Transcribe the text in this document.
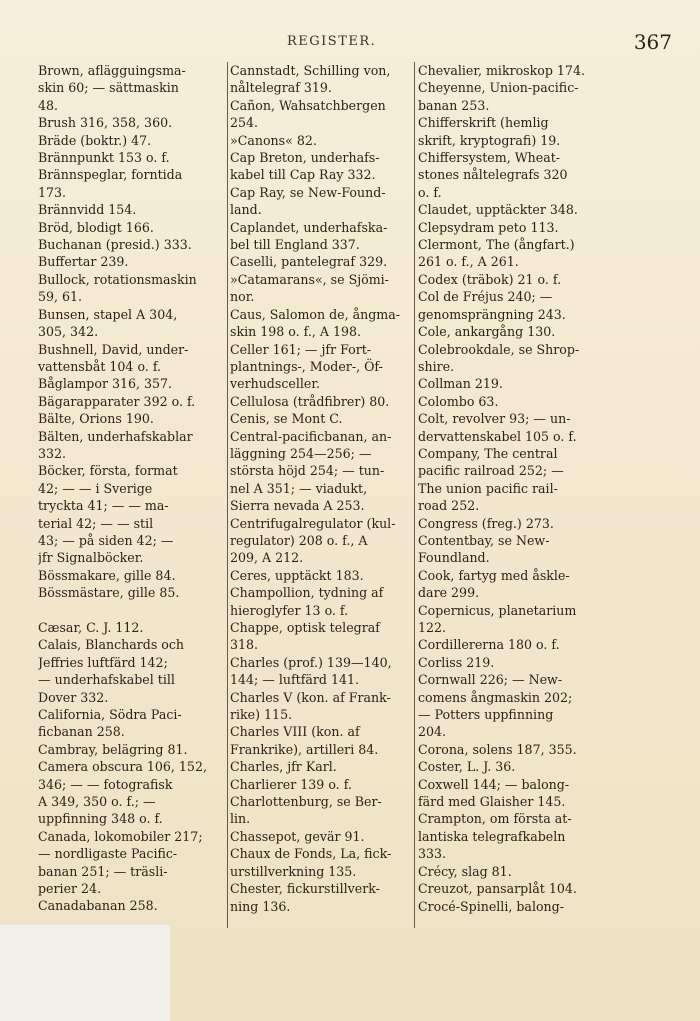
REGISTER.	367
Brown, aflägguingsma-
skin 60; — sättmaskin
48.
Brush 316, 358, 360.
Bräde (boktr.) 47.
Brännpunkt 153 o. f.
Brännspeglar, forntida
173.
Brännvidd 154.
Bröd, blodigt 166.
Buchanan (presid.) 333.
Buffertar 239.
Bullock, rotationsmaskin
59, 61.
Bunsen, stapel A 304,
305, 342.
Bushnell, David, under-
vattensbåt 104 o. f.
Båglampor 316, 357.
Bägarapparater 392 o. f.
Bälte, Orions 190.
Bälten, underhafskablar
332.
Böcker, första, format
42; — — i Sverige
tryckta 41; — — ma-
terial 42; — — stil
43; — på siden 42; —
jfr Signalböcker.
Bössmakare, gille 84.
Bössmästare, gille 85.
Cæsar, C. J. 112.
Calais, Blanchards och
Jeffries luftfärd 142;
— underhafskabel till
Dover 332.
California, Södra Paci-
ficbanan 258.
Cambray, belägring 81.
Camera obscura 106, 152,
346; — — fotografisk
A 349, 350 o. f.; —
uppfinning 348 o. f.
Canada, lokomobiler 217;
— nordligaste Pacific-
banan 251; — träsli-
perier 24.
Canadabanan 258.
Cannstadt, Schilling von,
nåltelegraf 319.
Cañon, Wahsatchbergen
254.
»Canons« 82.
Cap Breton, underhafs-
kabel till Cap Ray 332.
Cap Ray, se New-Found-
land.
Caplandet, underhafska-
bel till England 337.
Caselli, pantelegraf 329.
»Catamarans«, se Sjömi-
nor.
Caus, Salomon de, ångma-
skin 198 o. f., A 198.
Celler 161; — jfr Fort-
plantnings-, Moder-, Öf-
verhudsceller.
Cellulosa (trådfibrer) 80.
Cenis, se Mont C.
Central-pacificbanan, an-
läggning 254—256; —
största höjd 254; — tun-
nel A 351; — viadukt,
Sierra nevada A 253.
Centrifugalregulator (kul-
regulator) 208 o. f., A
209, A 212.
Ceres, upptäckt 183.
Champollion, tydning af
hieroglyfer 13 o. f.
Chappe, optisk telegraf
318.
Charles (prof.) 139—140,
144; — luftfärd 141.
Charles V (kon. af Frank-
rike) 115.
Charles VIII (kon. af
Frankrike), artilleri 84.
Charles, jfr Karl.
Charlierer 139 o. f.
Charlottenburg, se Ber-
lin.
Chassepot, gevär 91.
Chaux de Fonds, La, fick-
urstillverkning 135.
Chester, fickurstillverk-
ning 136.
Chevalier, mikroskop 174.
Cheyenne, Union-pacific-
banan 253.
Chifferskrift (hemlig
skrift, kryptografi) 19.
Chiffersystem, Wheat-
stones nåltelegrafs 320
o. f.
Claudet, upptäckter 348.
Clepsydram peto 113.
Clermont, The (ångfart.)
261 o. f., A 261.
Codex (träbok) 21 o. f.
Col de Fréjus 240; —
genomsprängning 243.
Cole, ankargång 130.
Colebrookdale, se Shrop-
shire.
Collman 219.
Colombo 63.
Colt, revolver 93; — un-
dervattenskabel 105 o. f.
Company, The central
pacific railroad 252; —
The union pacific rail-
road 252.
Congress (freg.) 273.
Contentbay, se New-
Foundland.
Cook, fartyg med åskle-
dare 299.
Copernicus, planetarium
122.
Cordillererna 180 o. f.
Corliss 219.
Cornwall 226; — New-
comens ångmaskin 202;
— Potters uppfinning
204.
Corona, solens 187, 355.
Coster, L. J. 36.
Coxwell 144; — balong-
färd med Glaisher 145.
Crampton, om första at-
lantiska telegrafkabeln
333.
Crécy, slag 81.
Creuzot, pansarplåt 104.
Crocé-Spinelli, balong-
